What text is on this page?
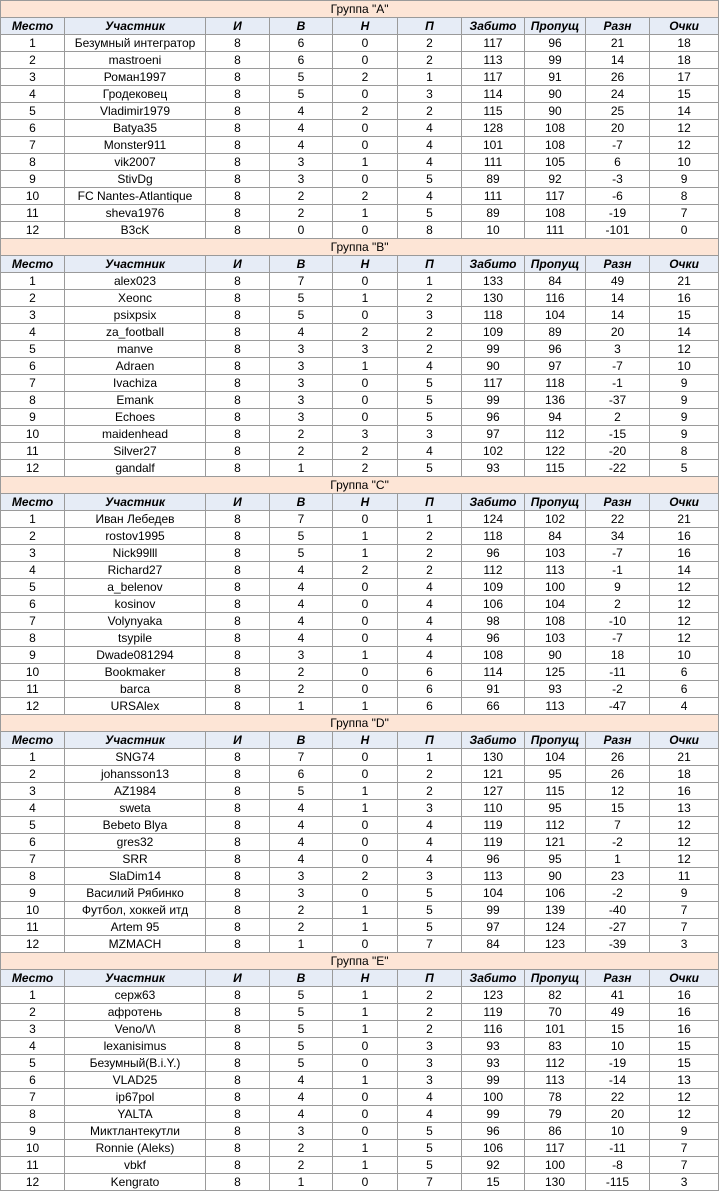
Группа "A"									
Место	Участник	И	В	Н	П	Забито	Пропущ	Разн	Очки
1	Безумный интегратор	8	6	0	2	117	96	21	18
2	mastroeni	8	6	0	2	113	99	14	18
3	Роман1997	8	5	2	1	117	91	26	17
4	Гродековец	8	5	0	3	114	90	24	15
5	Vladimir1979	8	4	2	2	115	90	25	14
6	Batya35	8	4	0	4	128	108	20	12
7	Monster911	8	4	0	4	101	108	-7	12
8	vik2007	8	3	1	4	111	105	6	10
9	StivDg	8	3	0	5	89	92	-3	9
10	FC Nantes-Atlantique	8	2	2	4	111	117	-6	8
11	sheva1976	8	2	1	5	89	108	-19	7
12	B3cK	8	0	0	8	10	111	-101	0
Группа "B"									
Место	Участник	И	В	Н	П	Забито	Пропущ	Разн	Очки
1	alex023	8	7	0	1	133	84	49	21
2	Xeonc	8	5	1	2	130	116	14	16
3	psixpsix	8	5	0	3	118	104	14	15
4	za_football	8	4	2	2	109	89	20	14
5	manve	8	3	3	2	99	96	3	12
6	Adraen	8	3	1	4	90	97	-7	10
7	Ivachiza	8	3	0	5	117	118	-1	9
8	Emank	8	3	0	5	99	136	-37	9
9	Echoes	8	3	0	5	96	94	2	9
10	maidenhead	8	2	3	3	97	112	-15	9
11	Silver27	8	2	2	4	102	122	-20	8
12	gandalf	8	1	2	5	93	115	-22	5
Группа "C"									
Место	Участник	И	В	Н	П	Забито	Пропущ	Разн	Очки
1	Иван Лебедев	8	7	0	1	124	102	22	21
2	rostov1995	8	5	1	2	118	84	34	16
3	Nick99lll	8	5	1	2	96	103	-7	16
4	Richard27	8	4	2	2	112	113	-1	14
5	a_belenov	8	4	0	4	109	100	9	12
6	kosinov	8	4	0	4	106	104	2	12
7	Volynyaka	8	4	0	4	98	108	-10	12
8	tsypile	8	4	0	4	96	103	-7	12
9	Dwade081294	8	3	1	4	108	90	18	10
10	Bookmaker	8	2	0	6	114	125	-11	6
11	barca	8	2	0	6	91	93	-2	6
12	URSAlex	8	1	1	6	66	113	-47	4
Группа "D"									
Место	Участник	И	В	Н	П	Забито	Пропущ	Разн	Очки
1	SNG74	8	7	0	1	130	104	26	21
2	johansson13	8	6	0	2	121	95	26	18
3	AZ1984	8	5	1	2	127	115	12	16
4	sweta	8	4	1	3	110	95	15	13
5	Bebeto Blya	8	4	0	4	119	112	7	12
6	gres32	8	4	0	4	119	121	-2	12
7	SRR	8	4	0	4	96	95	1	12
8	SlaDim14	8	3	2	3	113	90	23	11
9	Василий Рябинко	8	3	0	5	104	106	-2	9
10	Футбол, хоккей итд	8	2	1	5	99	139	-40	7
11	Artem 95	8	2	1	5	97	124	-27	7
12	MZMACH	8	1	0	7	84	123	-39	3
Группа "E"									
Место	Участник	И	В	Н	П	Забито	Пропущ	Разн	Очки
1	серж63	8	5	1	2	123	82	41	16
2	афротень	8	5	1	2	119	70	49	16
3	Veno/\/\	8	5	1	2	116	101	15	16
4	lexanisimus	8	5	0	3	93	83	10	15
5	Безумный(B.i.Y.)	8	5	0	3	93	112	-19	15
6	VLAD25	8	4	1	3	99	113	-14	13
7	ip67pol	8	4	0	4	100	78	22	12
8	YALTA	8	4	0	4	99	79	20	12
9	Миктлантекутли	8	3	0	5	96	86	10	9
10	Ronnie (Aleks)	8	2	1	5	106	117	-11	7
11	vbkf	8	2	1	5	92	100	-8	7
12	Kengrato	8	1	0	7	15	130	-115	3
